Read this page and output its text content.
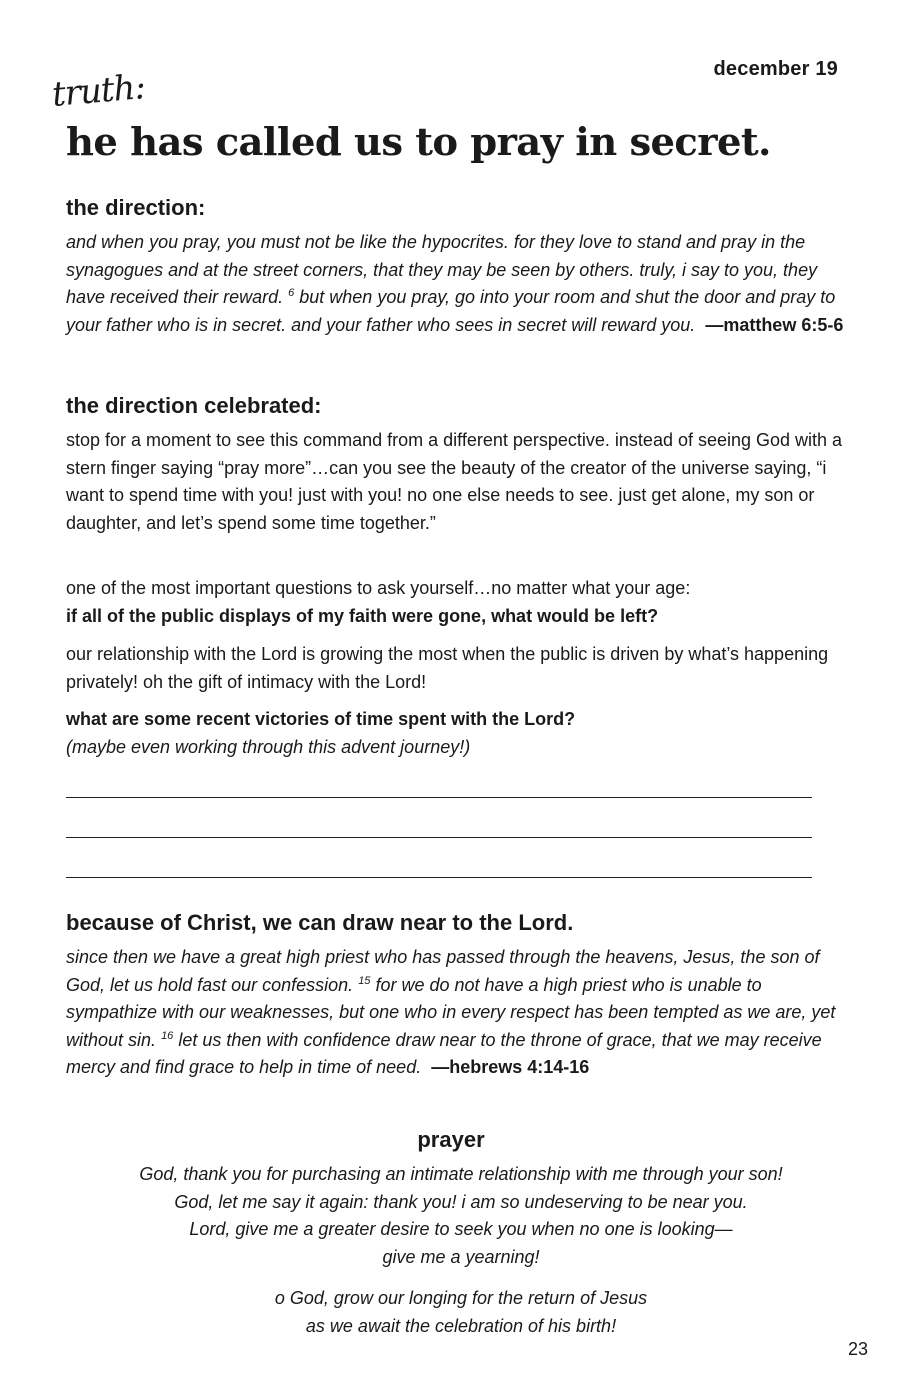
december 19
truth:
he has called us to pray in secret.
the direction:

and when you pray, you must not be like the hypocrites. for they love to stand and pray in the synagogues and at the street corners, that they may be seen by others. truly, i say to you, they have received their reward. $^6$ but when you pray, go into your room and shut the door and pray to your father who is in secret. and your father who sees in secret will reward you. —matthew 6:5-6

the direction celebrated:

stop for a moment to see this command from a different perspective. instead of seeing God with a stern finger saying “pray more”…can you see the beauty of the creator of the universe saying, “i want to spend time with you! just with you! no one else needs to see. just get alone, my son or daughter, and let’s spend some time together.”

one of the most important questions to ask yourself…no matter what your age:
if all of the public displays of my faith were gone, what would be left?

our relationship with the Lord is growing the most when the public is driven by what’s happening privately! oh the gift of intimacy with the Lord!

what are some recent victories of time spent with the Lord?
(maybe even working through this advent journey!)

because of Christ, we can draw near to the Lord.

since then we have a great high priest who has passed through the heavens, Jesus, the son of God, let us hold fast our confession. $^{15}$ for we do not have a high priest who is unable to sympathize with our weaknesses, but one who in every respect has been tempted as we are, yet without sin. $^{16}$ let us then with confidence draw near to the throne of grace, that we may receive mercy and find grace to help in time of need. —hebrews 4:14-16

prayer

God, thank you for purchasing an intimate relationship with me through your son!
God, let me say it again: thank you! i am so undeserving to be near you.
Lord, give me a greater desire to seek you when no one is looking—
give me a yearning!

o God, grow our longing for the return of Jesus
as we await the celebration of his birth!

23
